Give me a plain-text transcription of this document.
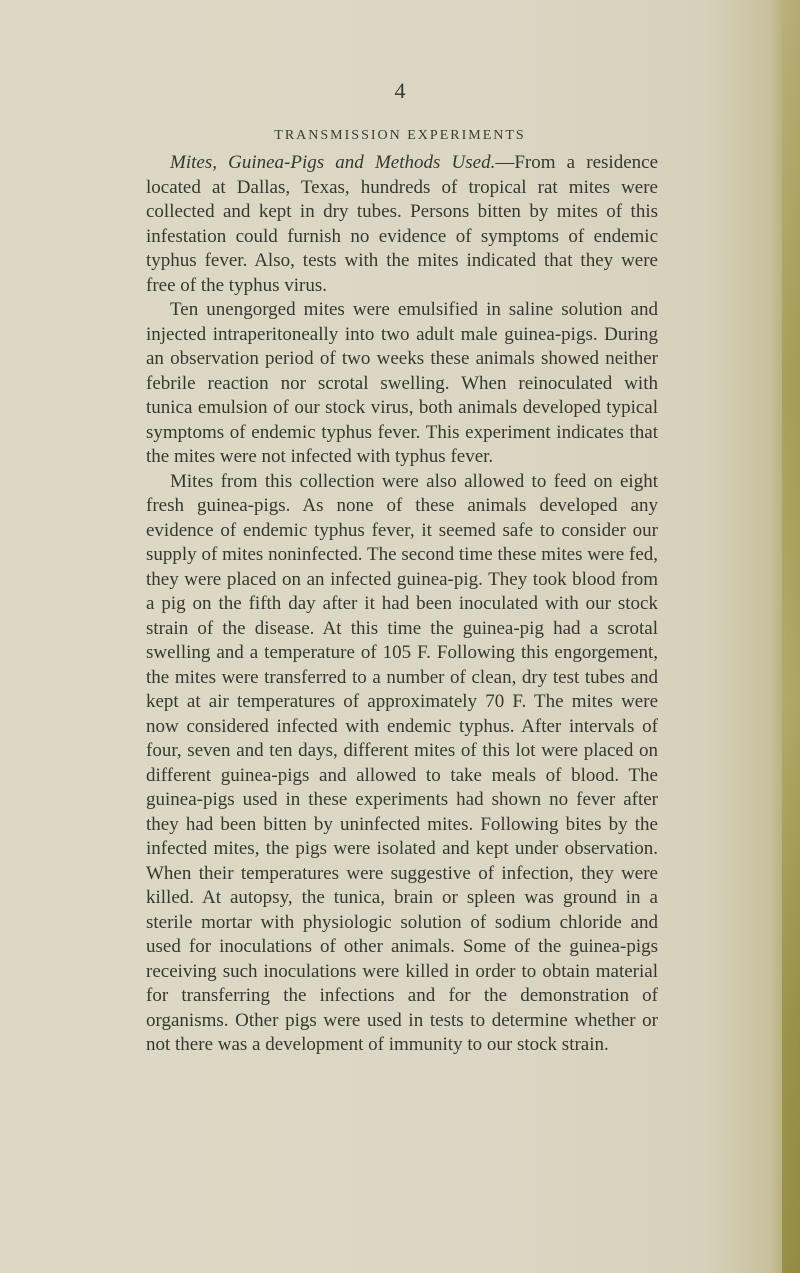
4
TRANSMISSION EXPERIMENTS

Mites, Guinea-Pigs and Methods Used.—From a residence located at Dallas, Texas, hundreds of tropical rat mites were collected and kept in dry tubes. Persons bitten by mites of this infestation could furnish no evidence of symptoms of endemic typhus fever. Also, tests with the mites indicated that they were free of the typhus virus.

Ten unengorged mites were emulsified in saline solution and injected intraperitoneally into two adult male guinea-pigs. During an observation period of two weeks these animals showed neither febrile reaction nor scrotal swelling. When reinoculated with tunica emulsion of our stock virus, both animals developed typical symptoms of endemic typhus fever. This experiment indicates that the mites were not infected with typhus fever.

Mites from this collection were also allowed to feed on eight fresh guinea-pigs. As none of these animals developed any evidence of endemic typhus fever, it seemed safe to consider our supply of mites noninfected. The second time these mites were fed, they were placed on an infected guinea-pig. They took blood from a pig on the fifth day after it had been inoculated with our stock strain of the disease. At this time the guinea-pig had a scrotal swelling and a temperature of 105 F. Following this engorgement, the mites were transferred to a number of clean, dry test tubes and kept at air temperatures of approximately 70 F. The mites were now considered infected with endemic typhus. After intervals of four, seven and ten days, different mites of this lot were placed on different guinea-pigs and allowed to take meals of blood. The guinea-pigs used in these experiments had shown no fever after they had been bitten by uninfected mites. Following bites by the infected mites, the pigs were isolated and kept under observation. When their temperatures were suggestive of infection, they were killed. At autopsy, the tunica, brain or spleen was ground in a sterile mortar with physiologic solution of sodium chloride and used for inoculations of other animals. Some of the guinea-pigs receiving such inoculations were killed in order to obtain material for transferring the infections and for the demonstration of organisms. Other pigs were used in tests to determine whether or not there was a development of immunity to our stock strain.
